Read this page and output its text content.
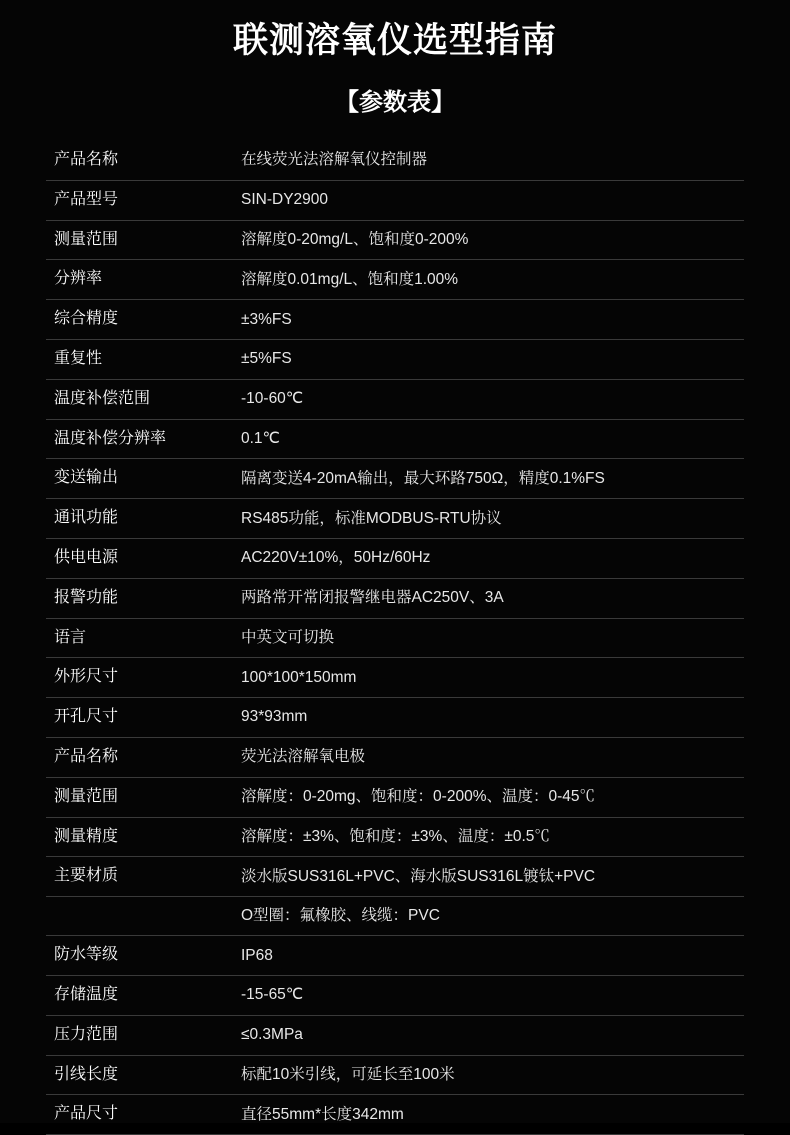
联测溶氧仪选型指南
【参数表】
产品名称	在线荧光法溶解氧仪控制器
产品型号	SIN-DY2900
测量范围	溶解度0-20mg/L、饱和度0-200%
分辨率	溶解度0.01mg/L、饱和度1.00%
综合精度	±3%FS
重复性	±5%FS
温度补偿范围	-10-60℃
温度补偿分辨率	0.1℃
变送输出	隔离变送4-20mA输出，最大环路750Ω，精度0.1%FS
通讯功能	RS485功能，标准MODBUS-RTU协议
供电电源	AC220V±10%，50Hz/60Hz
报警功能	两路常开常闭报警继电器AC250V、3A
语言	中英文可切换
外形尺寸	100*100*150mm
开孔尺寸	93*93mm
产品名称	荧光法溶解氧电极
测量范围	溶解度：0-20mg、饱和度：0-200%、温度：0-45℃
测量精度	溶解度：±3%、饱和度：±3%、温度：±0.5℃
主要材质	淡水版SUS316L+PVC、海水版SUS316L镀钛+PVC
	O型圈：氟橡胶、线缆：PVC
防水等级	IP68
存储温度	-15-65℃
压力范围	≤0.3MPa
引线长度	标配10米引线，可延长至100米
产品尺寸	直径55mm*长度342mm
